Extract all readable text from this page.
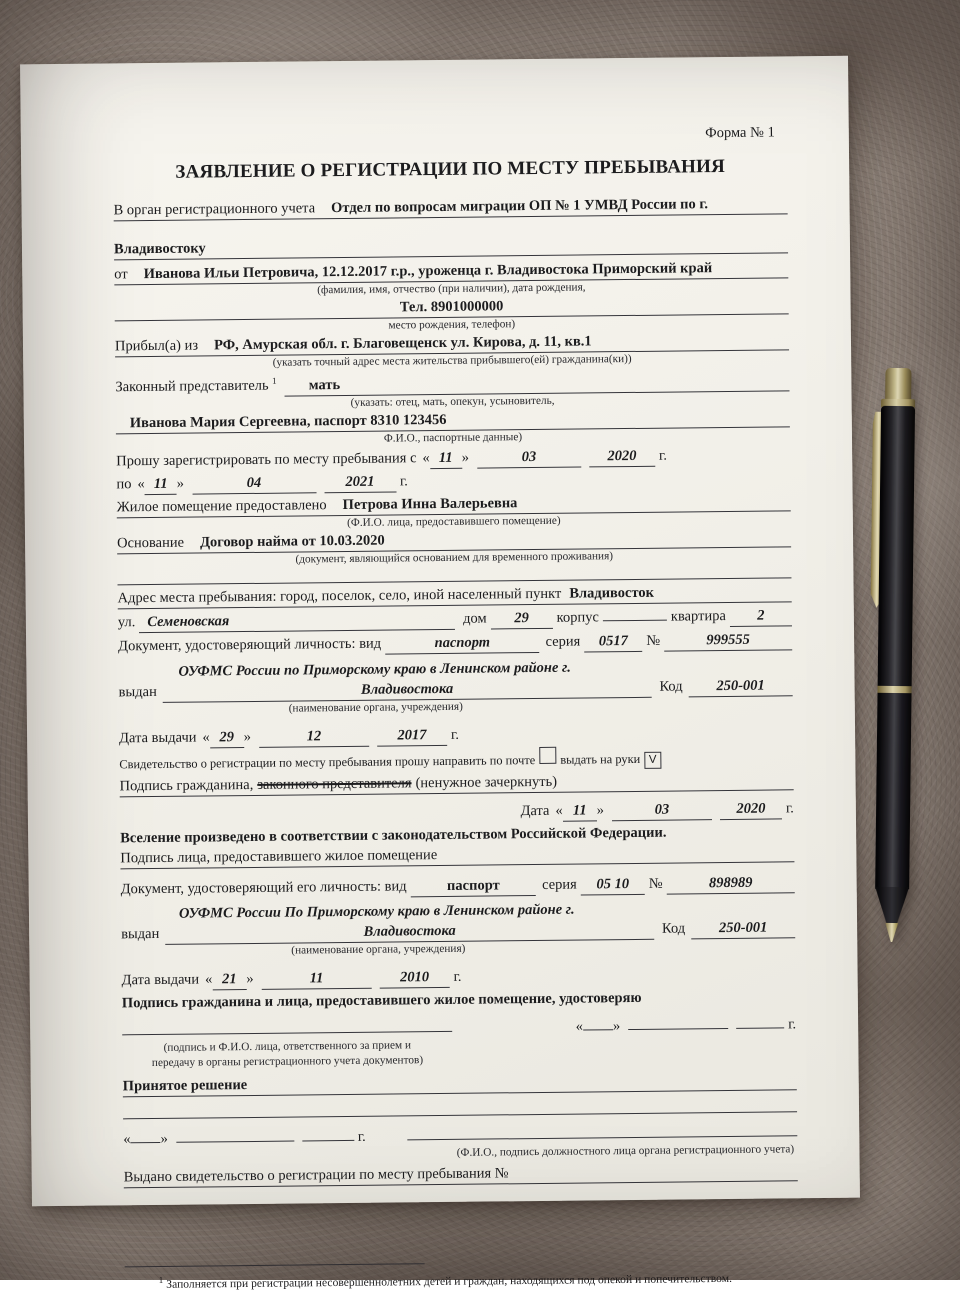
Форма № 1
ЗАЯВЛЕНИЕ О РЕГИСТРАЦИИ ПО МЕСТУ ПРЕБЫВАНИЯ
В орган регистрационного учета	Отдел по вопросам миграции ОП № 1 УМВД России по г.
Владивостоку
от	Иванова Ильи Петровича, 12.12.2017 г.р., уроженца г. Владивостока Приморский край
(фамилия, имя, отчество (при наличии), дата рождения,
Тел. 8901000000
место рождения, телефон)
Прибыл(а) из	РФ, Амурская обл. г. Благовещенск ул. Кирова, д. 11, кв.1
(указать точный адрес места жительства прибывшего(ей) гражданина(ки))
Законный представитель $^1$	мать
(указать: отец, мать, опекун, усыновитель,
Иванова Мария Сергеевна, паспорт 8310 123456
Ф.И.О., паспортные данные)
Прошу зарегистрировать по месту пребывания с « 11 »	03	2020	г.
по « 11 »	04	2021	г.
Жилое помещение предоставлено	Петрова Инна Валерьевна
(Ф.И.О. лица, предоставившего помещение)
Основание	Договор найма от 10.03.2020
(документ, являющийся основанием для временного проживания)
Адрес места пребывания: город, поселок, село, иной населенный пункт Владивосток
ул. Семеновская	дом	29	корпус	квартира	2
Документ, удостоверяющий личность: вид	паспорт	серия	0517	№	999555
ОУФМС России по Приморскому краю в Ленинском районе г.
выдан	Владивостока	Код	250-001
(наименование органа, учреждения)
Дата выдачи « 29 »	12	2017	г.
Свидетельство о регистрации по месту пребывания прошу направить по почте выдать на руки V
Подпись гражданина, законного представителя (ненужное зачеркнуть)
Дата « 11 »	03	2020	г.
Вселение произведено в соответствии с законодательством Российской Федерации.
Подпись лица, предоставившего жилое помещение
Документ, удостоверяющий его личность: вид	паспорт	серия	05 10	№	898989
ОУФМС России По Приморскому краю в Ленинском районе г.
выдан	Владивостока	Код	250-001
(наименование органа, учреждения)
Дата выдачи « 21 »	11	2010	г.
Подпись гражданина и лица, предоставившего жилое помещение, удостоверяю
« »	г.
(подпись и Ф.И.О. лица, ответственного за прием и
передачу в органы регистрационного учета документов)
Принятое решение
« »	г.
(Ф.И.О., подпись должностного лица органа регистрационного учета)
Выдано свидетельство о регистрации по месту пребывания №
$^1$ Заполняется при регистрации несовершеннолетних детей и граждан, находящихся под опекой и попечительством.
